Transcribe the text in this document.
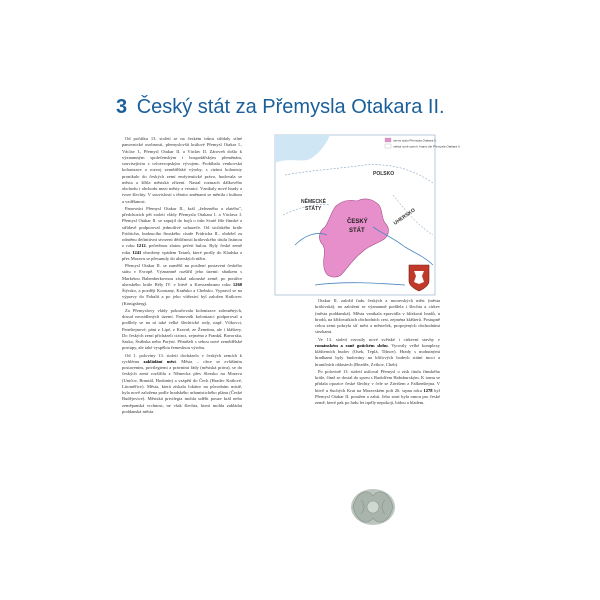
3 Český stát za Přemysla Otakara II.

Od počátku 13. století se na českém trůnu střídaly silné panovnické osobnosti, přemyslovští králové Přemysl Otakar I., Václav I., Přemysl Otakar II. a Václav II. Zároveň došlo k významným společenským i hospodářským přeměnám, souvisejícím s celoevropským vývojem. Probíhala venkovská kolonizace a rozvoj zemědělské výroby, s cizími kolonisty pronikalo do českých zemí emfyteutické právo, budovala se města a šířila městská zřízení. Nastal rozmach dálkového obchodu i obchodu mezi městy a vesnicí. Vznikaly nové hrady a tvrze šlechty. V souvislosti s těmito změnami se měnila i kultura a vzdělanost.

Panovníci Přemysl Otakar II., král „železného a zlatého", předchozích pět století vlády Přemysla Otakara I. a Václava I. Přemysl Otakar II. se zapojil do bojů o trůn Svaté říše římské a střídavě podporoval jednotlivé uchazeče. Od sicilského krále Fridricha, budoucího římského císaře Fridricha II., obdržel za odměnu definitivní stvrzení dědičnosti královského titulu listinou z roku 1212, pečetěnou zlatou pečetí bulou. Byly české země roku 1241 ohroženy vpádem Tatarů, které prošly do Kladska a přes Moravu se přesunuly do uherských nížin.

Přemysl Otakar II. se zaměřil na posílení postavení českého státu v Evropě. Významně rozšířil jeho území: sňatkem s Markétou Babenberkovnou získal rakouské země, po porážce uherského krále Bély IV. v bitvě u Kressenbrunu roku 1260 Štýrsko, a později Korutany, Kraňsko a Chebsko. Vypravil se na výpravy do Pobaltí a po jeho vítězství byl založen Královec (Königsberg).

Za Přemyslovy vlády pokračovala kolonizace zalesněných, dosud neosídlených území. Panovník kolonizaci podporoval a podílely se na ní také velké šlechtické rody, např. Vítkovci, Pernštejnové, páni z Lipé, z Kravař, ze Ženetina, ale i kláštery. Do českých zemí přicházeli cizinci, zejména z Franků, Bavorska, Saska, Švábska nebo Porýní. Přinášeli s sebou nové zemědělské postupy, ale také vyspělou řemeslnou výrobu.

Od 1. poloviny 13. století docházelo v českých zemích k rychlému zakládání měst. Města – obce se zvláštním postavením, privilegiemi a právními řády (městská práva), se do českých zemí rozšířila z Německa přes Slezsko na Moravu (Uničov, Bruntál, Hodonín) a vzápětí do Čech (Hradec Králové, Litoměřice). Města, která získala lokátor na původním místě, byla nově založena podle hradského urbanistického plánu (České Budějovice). Městská privilegia mohla udělit pouze král nebo zeměpanská vrchnost, ne však šlechta, která mohla zakládat poddanská města.

území státu Přemysla Otakara II.
města nově upevň. hranic dle Přemysla Otakara II.
NĚMECKÉ
STÁTY
POLSKO
ČESKÝ
STÁT
UHERSKO

Otakar II. založil řadu českých a moravských měst (města královská), na založení se významně podílela i šlechta a církev (města poddanská). Města vznikala zpravidla v blízkosti hradů, u brodů, na křižovatkách obchodních cest, zejména klášterů. Postupně celou zemi pokryla síť měst a městeček, propojených obchodními stezkami.

Ve 13. století vzrostly nové světské i církevní stavby v románském a raně gotickém slohu. Vyrostly velké komplexy klášterních budov (Osek, Teplá, Tišnov). Hrady s mohutnými hradbami byly budovány na klíčových bodech státní moci a hraničních oblastech (Bezděz, Zvíkov, Cheb).

Po polovině 13. století usiloval Přemysl o zisk titulu římského krále, čímž se dostal do sporu s Rudolfem Habsburským. K tomu se přidala opozice české šlechty v čele se Závišem z Falkenštejna. V bitvě u Suchých Krut na Moravském poli 26. srpna roku 1278 byl Přemysl Otakar II. poražen a zabit. Jeho smrt byla ranou pro české země, které pak po řadu let trpěly nepokoji, bídou a hladem.
